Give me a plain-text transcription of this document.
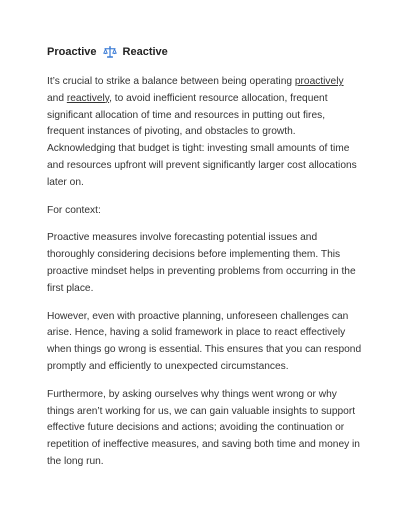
Proactive Reactive

It’s crucial to strike a balance between being operating proactively and reactively, to avoid inefficient resource allocation, frequent significant allocation of time and resources in putting out fires, frequent instances of pivoting, and obstacles to growth. Acknowledging that budget is tight: investing small amounts of time and resources upfront will prevent significantly larger cost allocations later on.

For context:

Proactive measures involve forecasting potential issues and thoroughly considering decisions before implementing them. This proactive mindset helps in preventing problems from occurring in the first place.

However, even with proactive planning, unforeseen challenges can arise. Hence, having a solid framework in place to react effectively when things go wrong is essential. This ensures that you can respond promptly and efficiently to unexpected circumstances.

Furthermore, by asking ourselves why things went wrong or why things aren’t working for us, we can gain valuable insights to support effective future decisions and actions; avoiding the continuation or repetition of ineffective measures, and saving both time and money in the long run.
